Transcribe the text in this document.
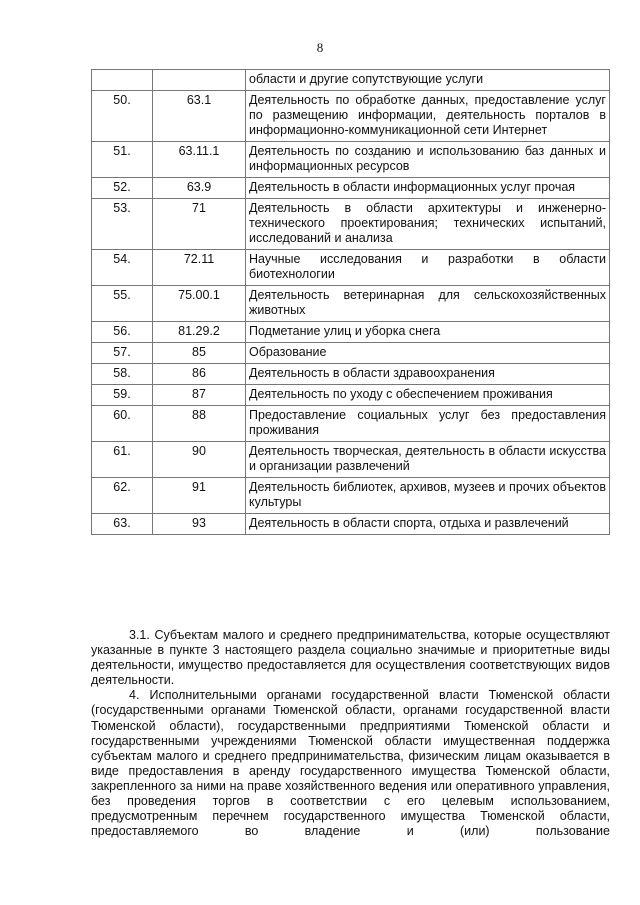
8

		области и другие сопутствующие услуги

50.	63.1	Деятельность по обработке данных, предоставление услуг по размещению информации, деятельность порталов в информационно-коммуникационной сети Интернет

51.	63.11.1	Деятельность по созданию и использованию баз данных и информационных ресурсов

52.	63.9	Деятельность в области информационных услуг прочая

53.	71	Деятельность в области архитектуры и инженерно-технического проектирования; технических испытаний, исследований и анализа

54.	72.11	Научные исследования и разработки в области биотехнологии

55.	75.00.1	Деятельность ветеринарная для сельскохозяйственных животных

56.	81.29.2	Подметание улиц и уборка снега

57.	85	Образование

58.	86	Деятельность в области здравоохранения

59.	87	Деятельность по уходу с обеспечением проживания

60.	88	Предоставление социальных услуг без предоставления проживания

61.	90	Деятельность творческая, деятельность в области искусства и организации развлечений

62.	91	Деятельность библиотек, архивов, музеев и прочих объектов культуры

63.	93	Деятельность в области спорта, отдыха и развлечений

3.1. Субъектам малого и среднего предпринимательства, которые осуществляют указанные в пункте 3 настоящего раздела социально значимые и приоритетные виды деятельности, имущество предоставляется для осуществления соответствующих видов деятельности.

4. Исполнительными органами государственной власти Тюменской области (государственными органами Тюменской области, органами государственной власти Тюменской области), государственными предприятиями Тюменской области и государственными учреждениями Тюменской области имущественная поддержка субъектам малого и среднего предпринимательства, физическим лицам оказывается в виде предоставления в аренду государственного имущества Тюменской области, закрепленного за ними на праве хозяйственного ведения или оперативного управления, без проведения торгов в соответствии с его целевым использованием, предусмотренным перечнем государственного имущества Тюменской области, предоставляемого во владение и (или) пользование
